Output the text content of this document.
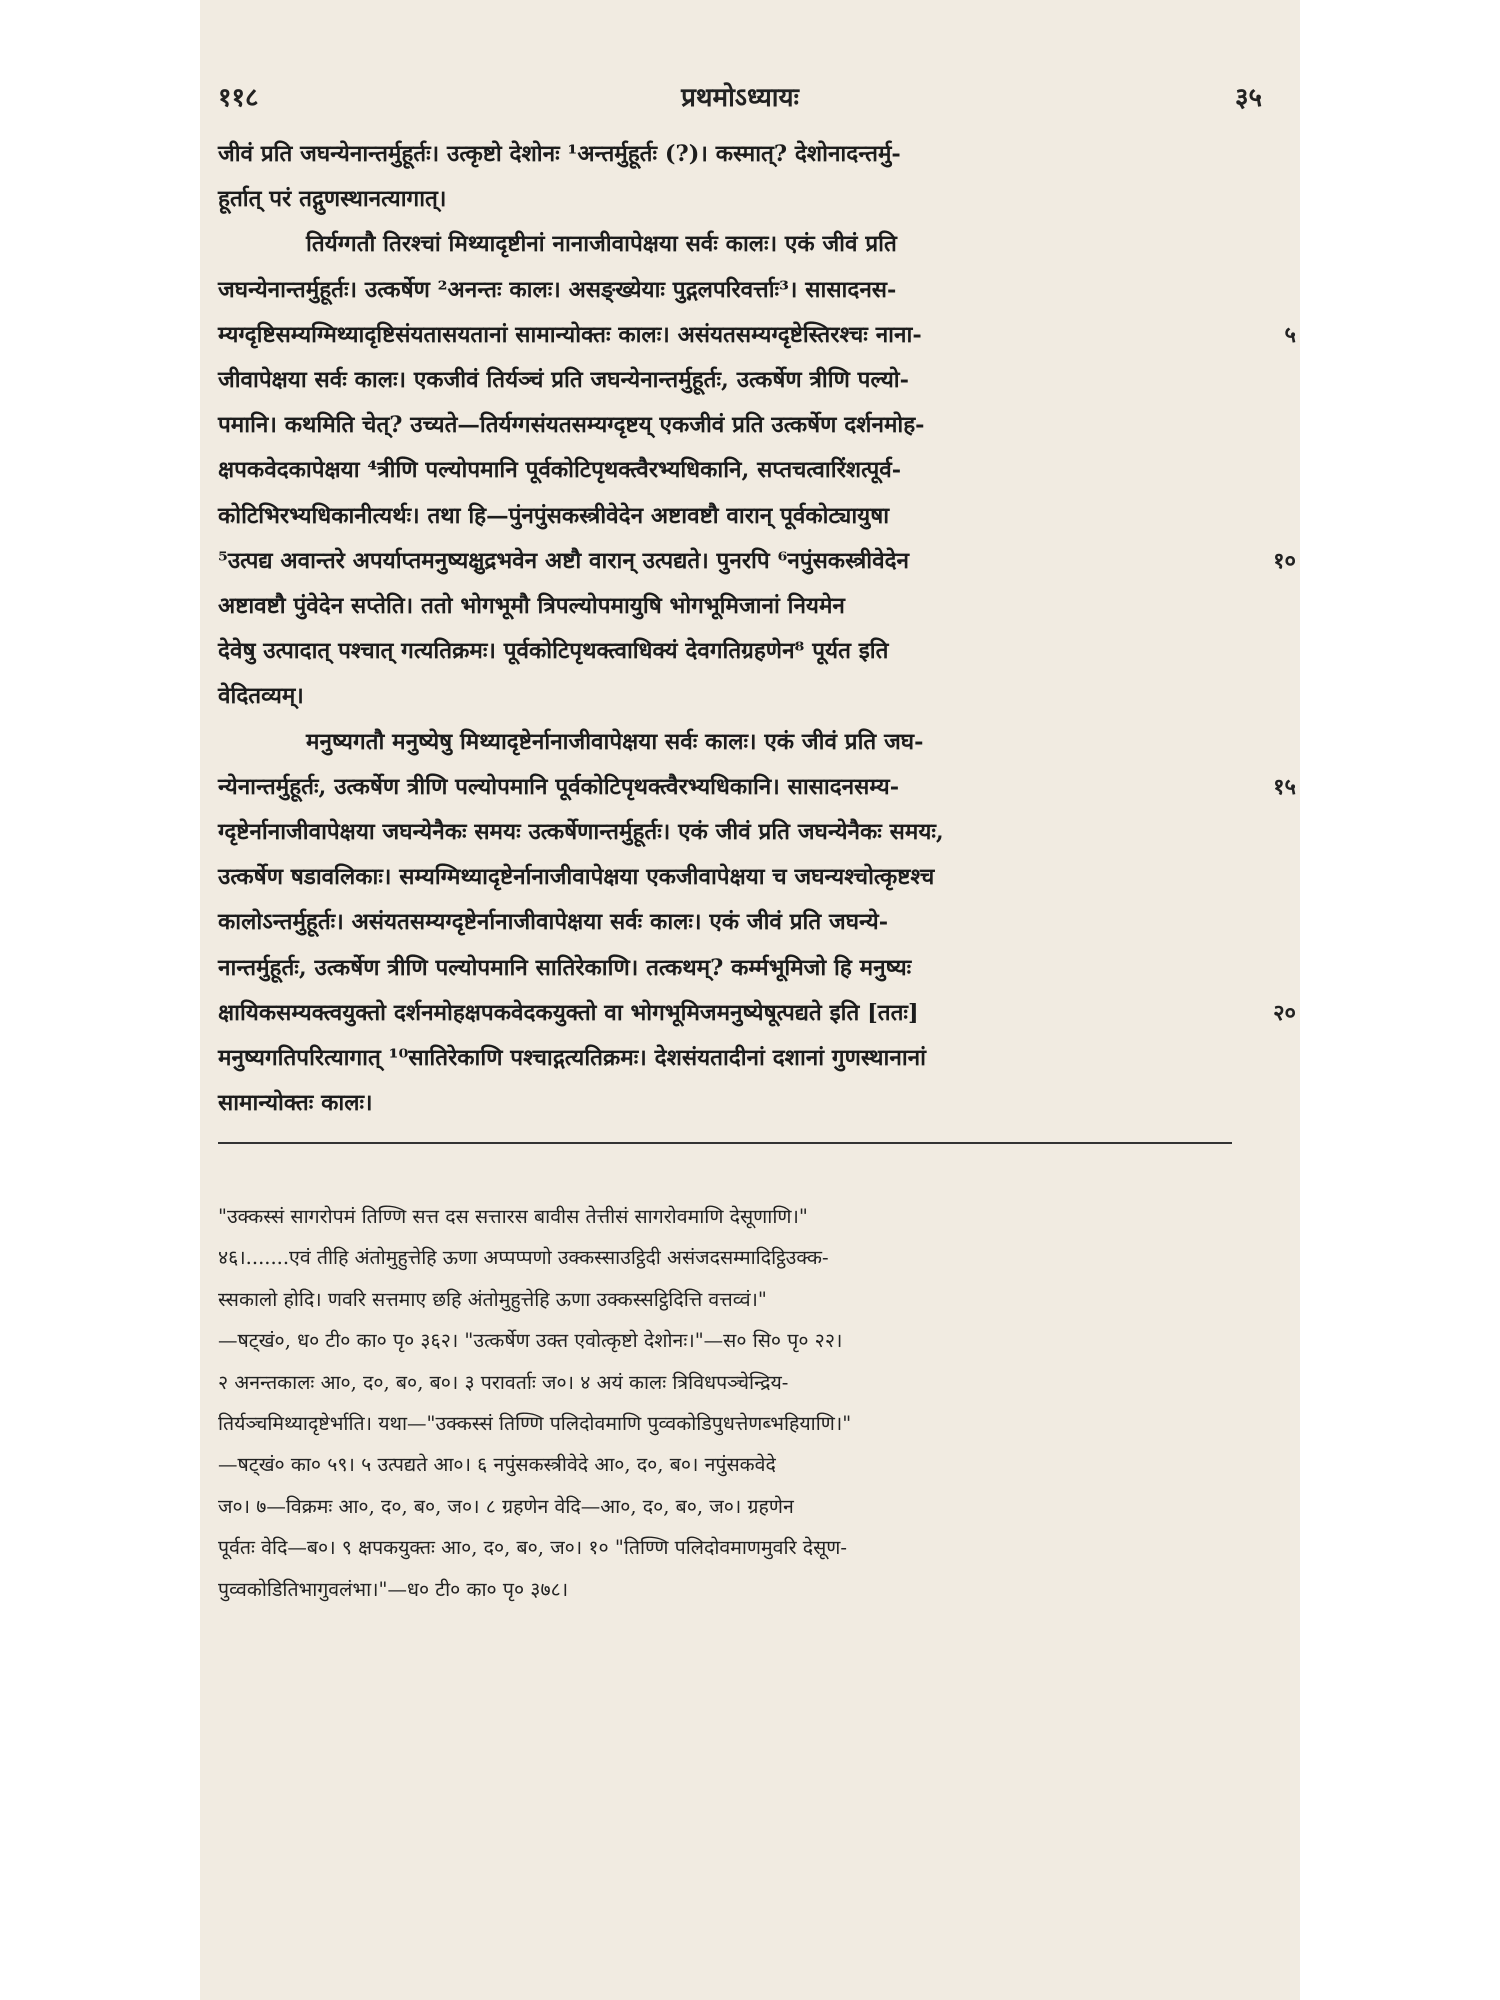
११८	प्रथमोऽध्यायः	३५
जीवं प्रति जघन्येनान्तर्मुहूर्तः। उत्कृष्टो देशोनः ¹अन्तर्मुहूर्तः (?)। कस्मात्? देशोनादन्तर्मु-
हूर्तात् परं तद्गुणस्थानत्यागात्।
तिर्यग्गतौ तिरश्चां मिथ्यादृष्टीनां नानाजीवापेक्षया सर्वः कालः। एकं जीवं प्रति
जघन्येनान्तर्मुहूर्तः। उत्कर्षेण ²अनन्तः कालः। असङ्ख्येयाः पुद्गलपरिवर्त्ताः³। सासादनस-
म्यग्दृष्टिसम्यग्मिथ्यादृष्टिसंयतासयतानां सामान्योक्तः कालः। असंयतसम्यग्दृष्टेस्तिरश्चः नाना-	५
जीवापेक्षया सर्वः कालः। एकजीवं तिर्यञ्चं प्रति जघन्येनान्तर्मुहूर्तः, उत्कर्षेण त्रीणि पल्यो-
पमानि। कथमिति चेत्? उच्यते—तिर्यग्गसंयतसम्यग्दृष्टय् एकजीवं प्रति उत्कर्षेण दर्शनमोह-
क्षपकवेदकापेक्षया ⁴त्रीणि पल्योपमानि पूर्वकोटिपृथक्त्वैरभ्यधिकानि, सप्तचत्वारिंशत्पूर्व-
कोटिभिरभ्यधिकानीत्यर्थः। तथा हि—पुंनपुंसकस्त्रीवेदेन अष्टावष्टौ वारान् पूर्वकोट्यायुषा
⁵उत्पद्य अवान्तरे अपर्याप्तमनुष्यक्षुद्रभवेन अष्टौ वारान् उत्पद्यते। पुनरपि ⁶नपुंसकस्त्रीवेदेन	१०
अष्टावष्टौ पुंवेदेन सप्तेति। ततो भोगभूमौ त्रिपल्योपमायुषि भोगभूमिजानां नियमेन
देवेषु उत्पादात् पश्चात् गत्यतिक्रमः। पूर्वकोटिपृथक्त्वाधिक्यं देवगतिग्रहणेन⁸ पूर्यत इति
वेदितव्यम्।
मनुष्यगतौ मनुष्येषु मिथ्यादृष्टेर्नानाजीवापेक्षया सर्वः कालः। एकं जीवं प्रति जघ-
न्येनान्तर्मुहूर्तः, उत्कर्षेण त्रीणि पल्योपमानि पूर्वकोटिपृथक्त्वैरभ्यधिकानि। सासादनसम्य-	१५
ग्दृष्टेर्नानाजीवापेक्षया जघन्येनैकः समयः उत्कर्षेणान्तर्मुहूर्तः। एकं जीवं प्रति जघन्येनैकः समयः,
उत्कर्षेण षडावलिकाः। सम्यग्मिथ्यादृष्टेर्नानाजीवापेक्षया एकजीवापेक्षया च जघन्यश्चोत्कृष्टश्च
कालोऽन्तर्मुहूर्तः। असंयतसम्यग्दृष्टेर्नानाजीवापेक्षया सर्वः कालः। एकं जीवं प्रति जघन्ये-
नान्तर्मुहूर्तः, उत्कर्षेण त्रीणि पल्योपमानि सातिरेकाणि। तत्कथम्? कर्म्मभूमिजो हि मनुष्यः
क्षायिकसम्यक्त्वयुक्तो दर्शनमोहक्षपकवेदकयुक्तो वा भोगभूमिजमनुष्येषूत्पद्यते इति [ततः]	२०
मनुष्यगतिपरित्यागात् ¹⁰सातिरेकाणि पश्चाद्गत्यतिक्रमः। देशसंयतादीनां दशानां गुणस्थानानां
सामान्योक्तः कालः।
"उक्कस्सं सागरोपमं तिण्णि सत्त दस सत्तारस बावीस तेत्तीसं सागरोवमाणि देसूणाणि।"
४६।.......एवं तीहि अंतोमुहुत्तेहि ऊणा अप्पप्पणो उक्कस्साउट्ठिदी असंजदसम्मादिट्ठिउक्क-
स्सकालो होदि। णवरि सत्तमाए छहि अंतोमुहुत्तेहि ऊणा उक्कस्सट्ठिदित्ति वत्तव्वं।"
—षट्खं०, ध० टी० का० पृ० ३६२। "उत्कर्षेण उक्त एवोत्कृष्टो देशोनः।"—स० सि० पृ० २२।
२ अनन्तकालः आ०, द०, ब०, ब०। ३ परावर्ताः ज०। ४ अयं कालः त्रिविधपञ्चेन्द्रिय-
तिर्यञ्चमिथ्यादृष्टेर्भाति। यथा—"उक्कस्सं तिण्णि पलिदोवमाणि पुव्वकोडिपुधत्तेणब्भहियाणि।"
—षट्खं० का० ५९। ५ उत्पद्यते आ०। ६ नपुंसकस्त्रीवेदे आ०, द०, ब०। नपुंसकवेदे
ज०। ७—विक्रमः आ०, द०, ब०, ज०। ८ ग्रहणेन वेदि—आ०, द०, ब०, ज०। ग्रहणेन
पूर्वतः वेदि—ब०। ९ क्षपकयुक्तः आ०, द०, ब०, ज०। १० "तिण्णि पलिदोवमाणमुवरि देसूण-
पुव्वकोडितिभागुवलंभा।"—ध० टी० का० पृ० ३७८।
